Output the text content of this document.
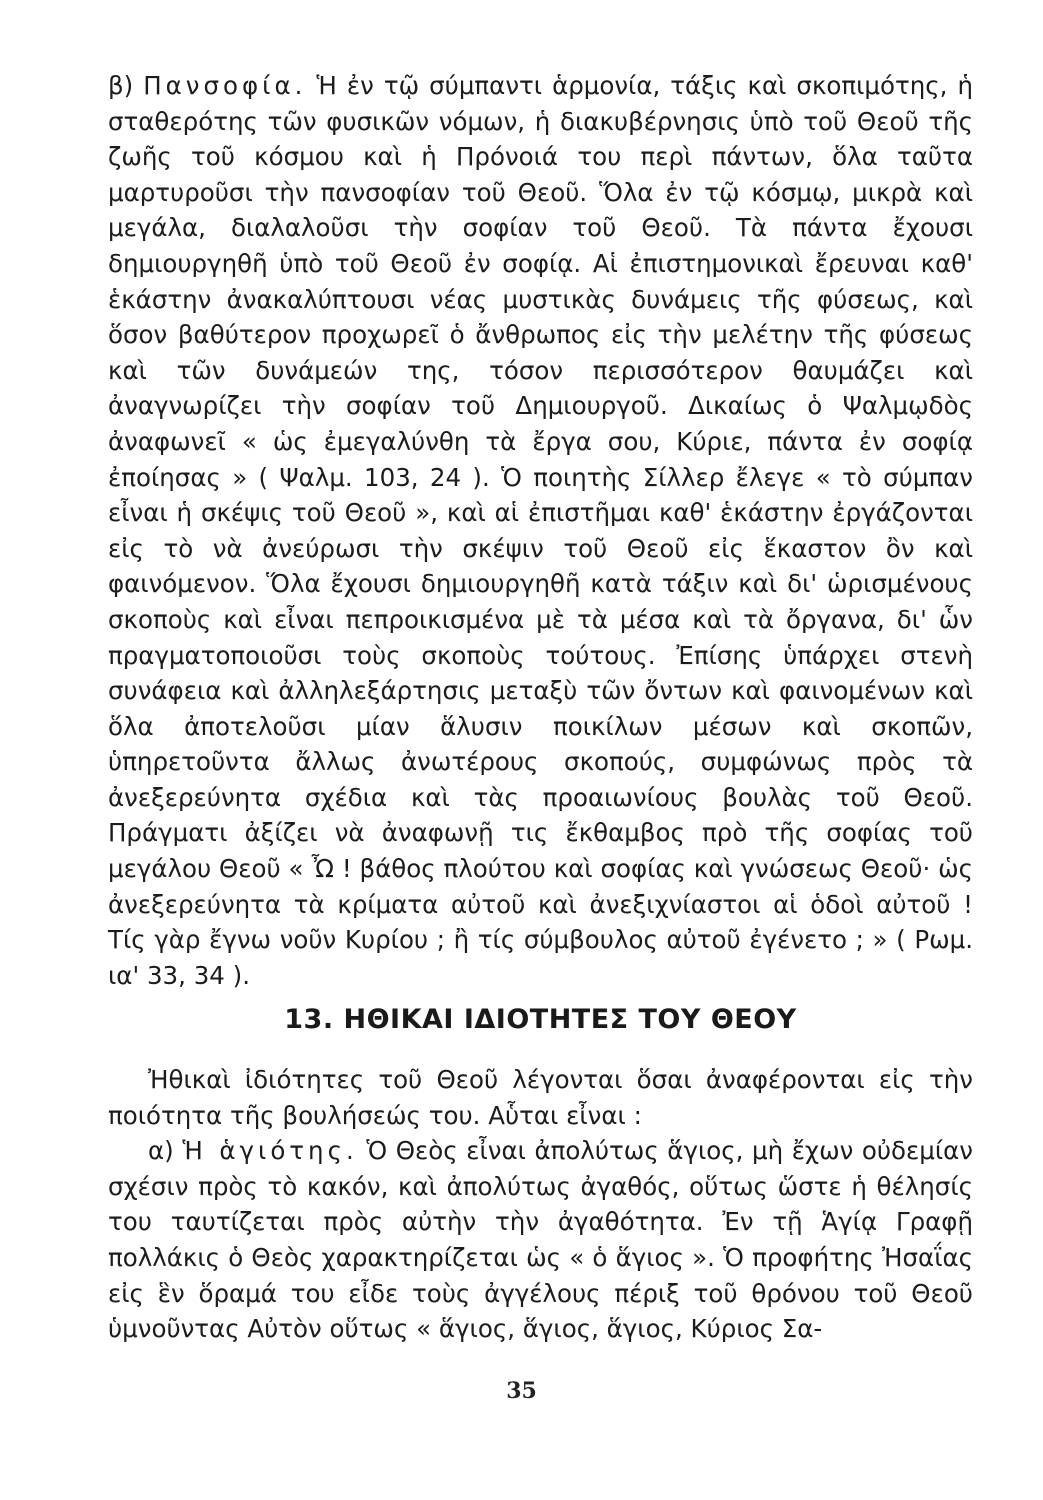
β) Πανσοφία. Ἡ ἐν τῷ σύμπαντι ἁρμονία, τάξις καὶ σκοπιμότης, ἡ σταθερότης τῶν φυσικῶν νόμων, ἡ διακυβέρνησις ὑπὸ τοῦ Θεοῦ τῆς ζωῆς τοῦ κόσμου καὶ ἡ Πρόνοιά του περὶ πάντων, ὅλα ταῦτα μαρτυροῦσι τὴν πανσοφίαν τοῦ Θεοῦ. Ὅλα ἐν τῷ κόσμῳ, μικρὰ καὶ μεγάλα, διαλαλοῦσι τὴν σοφίαν τοῦ Θεοῦ. Τὰ πάντα ἔχουσι δημιουργηθῆ ὑπὸ τοῦ Θεοῦ ἐν σοφίᾳ. Αἱ ἐπιστημονικαὶ ἔρευναι καθ' ἑκάστην ἀνακαλύπτουσι νέας μυστικὰς δυνάμεις τῆς φύσεως, καὶ ὅσον βαθύτερον προχωρεῖ ὁ ἄνθρωπος εἰς τὴν μελέτην τῆς φύσεως καὶ τῶν δυνάμεών της, τόσον περισσότερον θαυμάζει καὶ ἀναγνωρίζει τὴν σοφίαν τοῦ Δημιουργοῦ. Δικαίως ὁ Ψαλμῳδὸς ἀναφωνεῖ « ὡς ἐμεγαλύνθη τὰ ἔργα σου, Κύριε, πάντα ἐν σοφίᾳ ἐποίησας » ( Ψαλμ. 103, 24 ). Ὁ ποιητὴς Σίλλερ ἔλεγε « τὸ σύμπαν εἶναι ἡ σκέψις τοῦ Θεοῦ », καὶ αἱ ἐπιστῆμαι καθ' ἑκάστην ἐργάζονται εἰς τὸ νὰ ἀνεύρωσι τὴν σκέψιν τοῦ Θεοῦ εἰς ἕκαστον ὂν καὶ φαινόμενον. Ὅλα ἔχουσι δημιουργηθῆ κατὰ τάξιν καὶ δι' ὡρισμένους σκοποὺς καὶ εἶναι πεπροικισμένα μὲ τὰ μέσα καὶ τὰ ὄργανα, δι' ὧν πραγματοποιοῦσι τοὺς σκοποὺς τούτους. Ἐπίσης ὑπάρχει στενὴ συνάφεια καὶ ἀλληλεξάρτησις μεταξὺ τῶν ὄντων καὶ φαινομένων καὶ ὅλα ἀποτελοῦσι μίαν ἅλυσιν ποικίλων μέσων καὶ σκοπῶν, ὑπηρετοῦντα ἄλλως ἀνωτέρους σκοπούς, συμφώνως πρὸς τὰ ἀνεξερεύνητα σχέδια καὶ τὰς προαιωνίους βουλὰς τοῦ Θεοῦ. Πράγματι ἀξίζει νὰ ἀναφωνῇ τις ἔκθαμβος πρὸ τῆς σοφίας τοῦ μεγάλου Θεοῦ « Ὦ ! βάθος πλούτου καὶ σοφίας καὶ γνώσεως Θεοῦ· ὡς ἀνεξερεύνητα τὰ κρίματα αὐτοῦ καὶ ἀνεξιχνίαστοι αἱ ὁδοὶ αὐτοῦ ! Τίς γὰρ ἔγνω νοῦν Κυρίου ; ἢ τίς σύμβουλος αὐτοῦ ἐγένετο ; » ( Ρωμ. ια' 33, 34 ).

13. ΗΘΙΚΑΙ ΙΔΙΟΤΗΤΕΣ ΤΟΥ ΘΕΟΥ

Ἠθικαὶ ἰδιότητες τοῦ Θεοῦ λέγονται ὅσαι ἀναφέρονται εἰς τὴν ποιότητα τῆς βουλήσεώς του. Αὗται εἶναι :

α) Ἡ ἁγιότης. Ὁ Θεὸς εἶναι ἀπολύτως ἅγιος, μὴ ἔχων οὐδεμίαν σχέσιν πρὸς τὸ κακόν, καὶ ἀπολύτως ἀγαθός, οὕτως ὥστε ἡ θέλησίς του ταυτίζεται πρὸς αὐτὴν τὴν ἀγαθότητα. Ἐν τῇ Ἁγίᾳ Γραφῇ πολλάκις ὁ Θεὸς χαρακτηρίζεται ὡς « ὁ ἅγιος ». Ὁ προφήτης Ἠσαΐας εἰς ἓν ὅραμά του εἶδε τοὺς ἀγγέλους πέριξ τοῦ θρόνου τοῦ Θεοῦ ὑμνοῦντας Αὐτὸν οὕτως « ἅγιος, ἅγιος, ἅγιος, Κύριος Σα-

35
